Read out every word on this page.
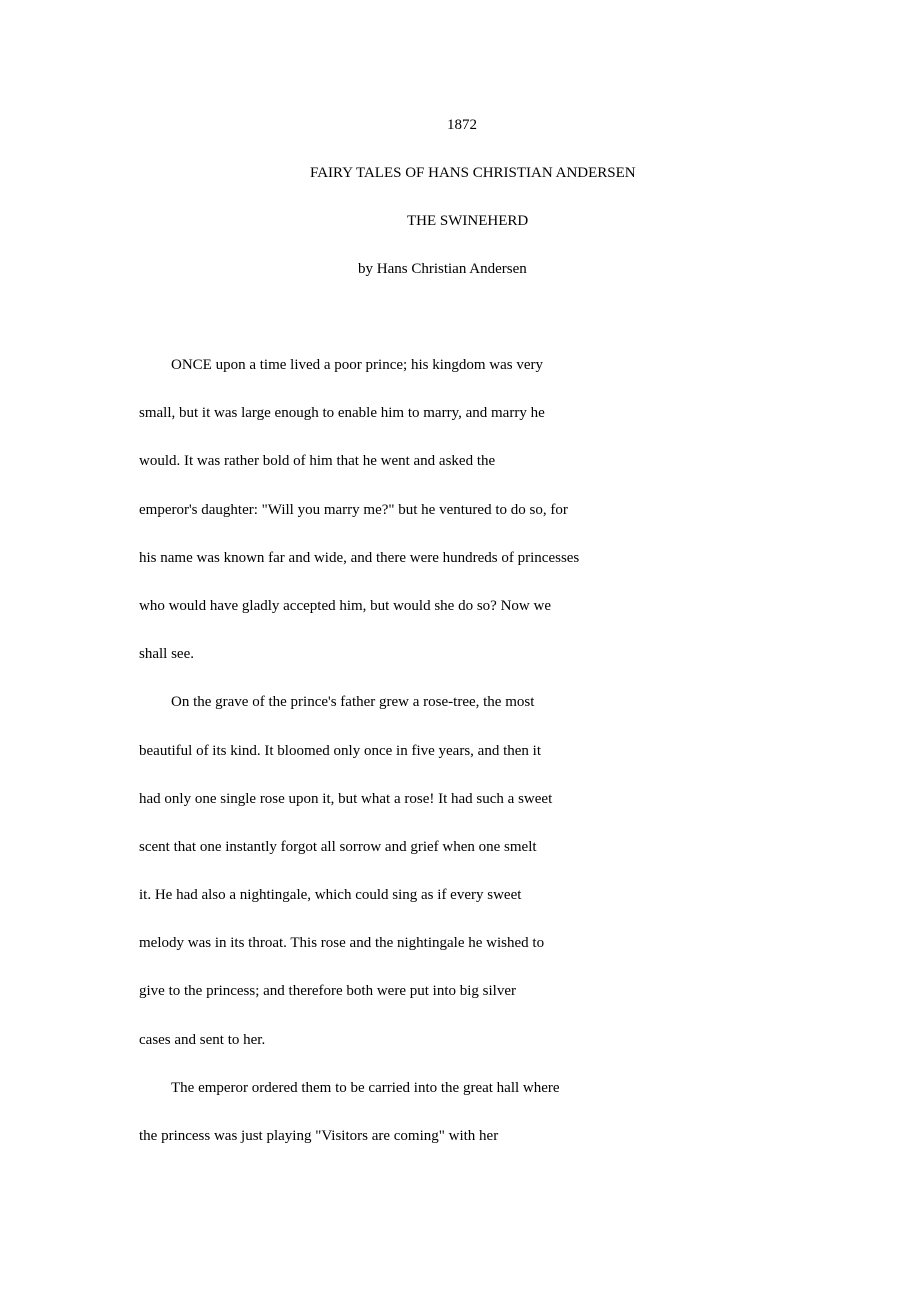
1872
FAIRY TALES OF HANS CHRISTIAN ANDERSEN
THE SWINEHERD
by Hans Christian Andersen
ONCE upon a time lived a poor prince; his kingdom was very
small, but it was large enough to enable him to marry, and marry he
would. It was rather bold of him that he went and asked the
emperor's daughter: "Will you marry me?" but he ventured to do so, for
his name was known far and wide, and there were hundreds of princesses
who would have gladly accepted him, but would she do so? Now we
shall see.
On the grave of the prince's father grew a rose-tree, the most
beautiful of its kind. It bloomed only once in five years, and then it
had only one single rose upon it, but what a rose! It had such a sweet
scent that one instantly forgot all sorrow and grief when one smelt
it. He had also a nightingale, which could sing as if every sweet
melody was in its throat. This rose and the nightingale he wished to
give to the princess; and therefore both were put into big silver
cases and sent to her.
The emperor ordered them to be carried into the great hall where
the princess was just playing "Visitors are coming" with her
